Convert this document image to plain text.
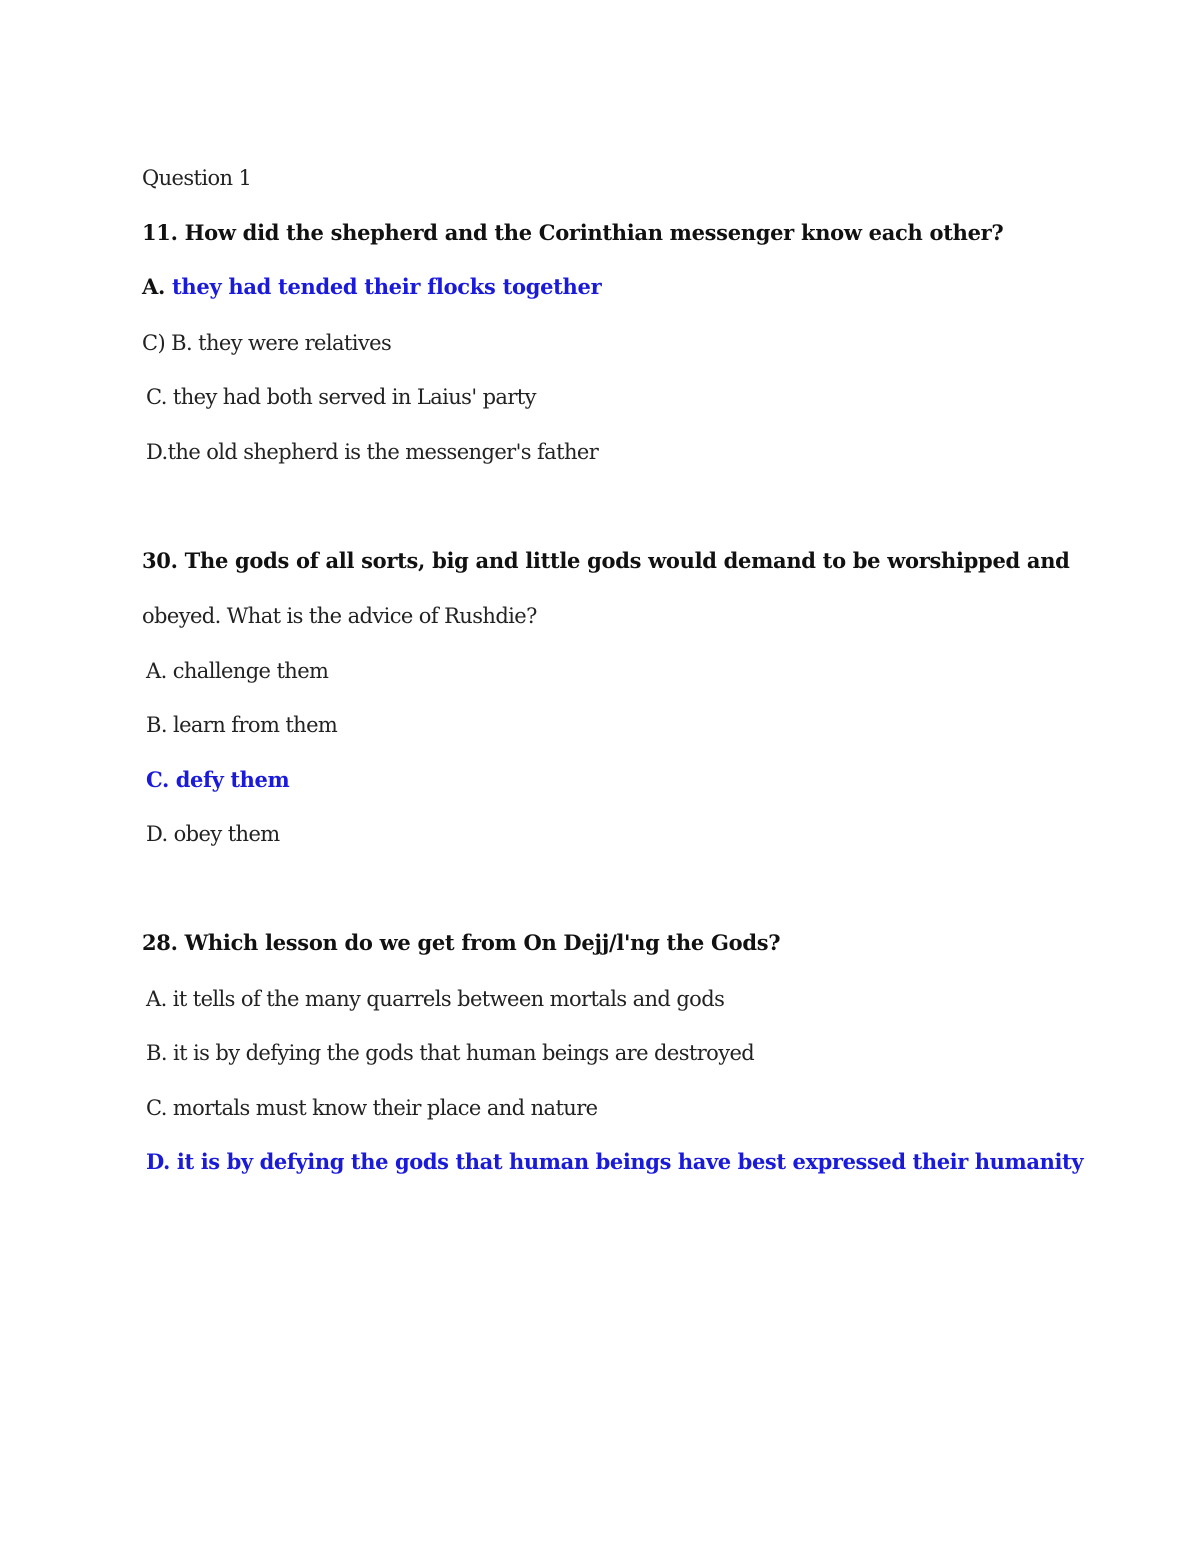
Question 1
11. How did the shepherd and the Corinthian messenger know each other?
A. they had tended their flocks together
C) B. they were relatives
C. they had both served in Laius' party
D.the old shepherd is the messenger's father
30. The gods of all sorts, big and little gods would demand to be worshipped and
obeyed. What is the advice of Rushdie?
A. challenge them
B. learn from them
C. defy them
D. obey them
28. Which lesson do we get from On Dejj/l'ng the Gods?
A. it tells of the many quarrels between mortals and gods
B. it is by defying the gods that human beings are destroyed
C. mortals must know their place and nature
D. it is by defying the gods that human beings have best expressed their humanity
